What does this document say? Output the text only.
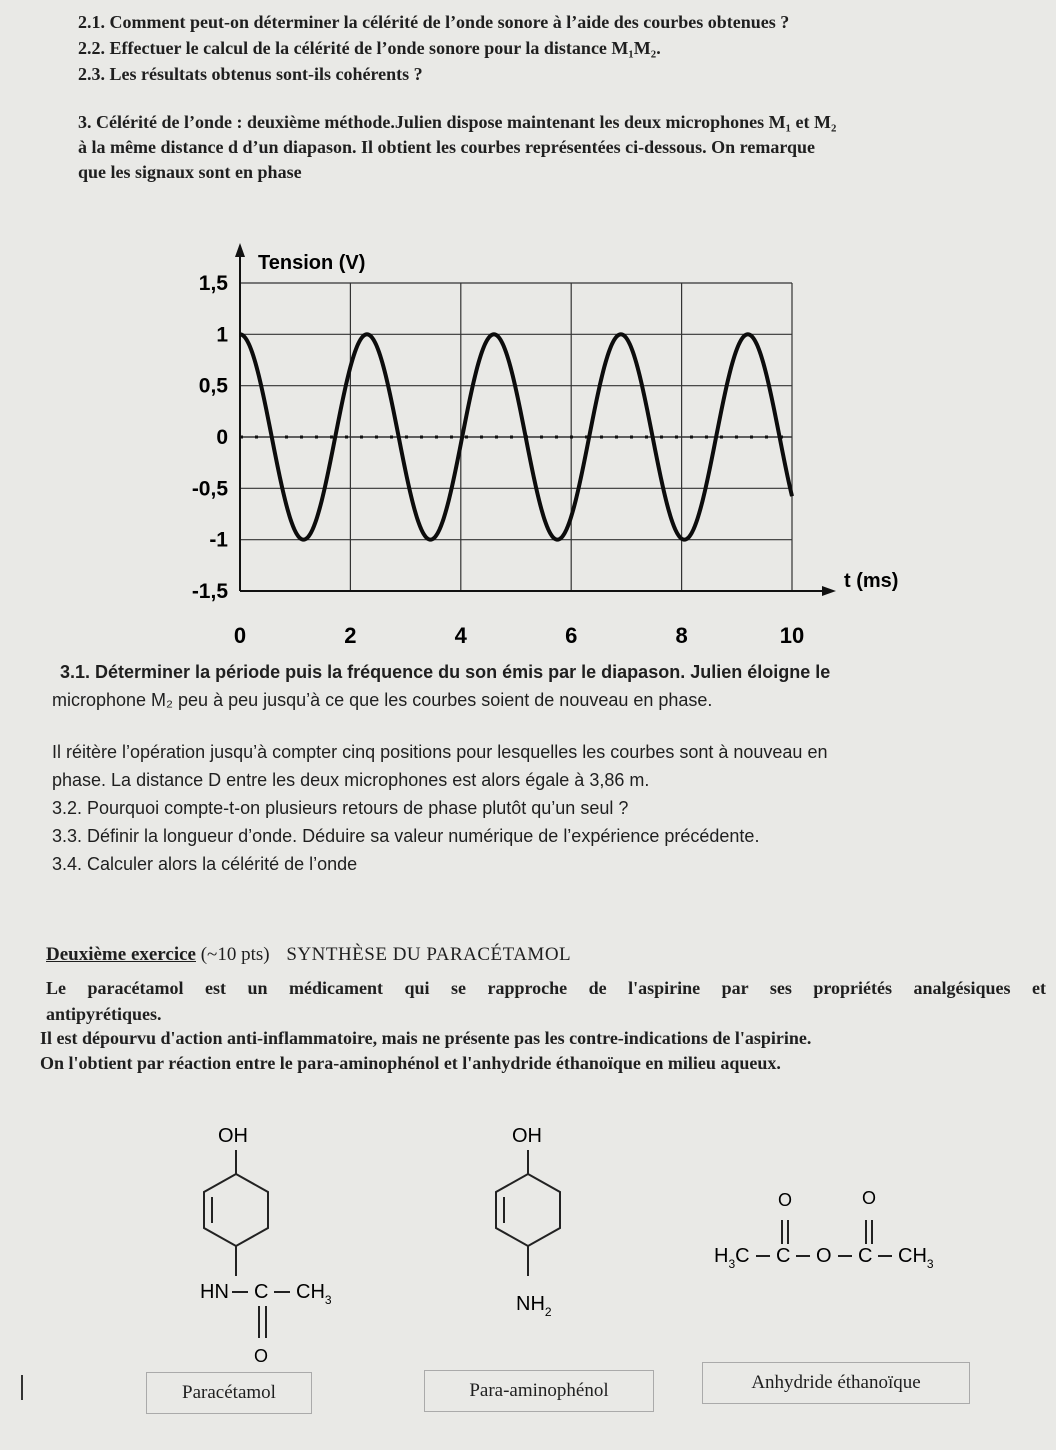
2.1. Comment peut-on déterminer la célérité de l’onde sonore à l’aide des courbes obtenues ?
2.2. Effectuer le calcul de la célérité de l’onde sonore pour la distance M₁M₂.
2.3. Les résultats obtenus sont-ils cohérents ?
3. Célérité de l’onde : deuxième méthode.Julien dispose maintenant les deux microphones M₁ et M₂
à la même distance d d’un diapason. Il obtient les courbes représentées ci-dessous. On remarque
que les signaux sont en phase
1,5
1
0,5
0
-0,5
-1
-1,5
0	2	4	6	8	10
Tension (V)
t (ms)
3.1. Déterminer la période puis la fréquence du son émis par le diapason. Julien éloigne le
microphone M₂ peu à peu jusqu’à ce que les courbes soient de nouveau en phase.
Il réitère l’opération jusqu’à compter cinq positions pour lesquelles les courbes sont à nouveau en
phase. La distance D entre les deux microphones est alors égale à 3,86 m.
3.2. Pourquoi compte-t-on plusieurs retours de phase plutôt qu’un seul ?
3.3. Définir la longueur d’onde. Déduire sa valeur numérique de l’expérience précédente.
3.4. Calculer alors la célérité de l’onde
Deuxième exercice (~10 pts) SYNTHÈSE DU PARACÉTAMOL
Le paracétamol est un médicament qui se rapproche de l'aspirine par ses propriétés analgésiques et
antipyrétiques.
Il est dépourvu d'action anti-inflammatoire, mais ne présente pas les contre-indications de l'aspirine.
On l'obtient par réaction entre le para-aminophénol et l'anhydride éthanoïque en milieu aqueux.
OH
HN C $CH_3$
O
OH
$NH_2$
O	O
$H_3C$ C O C $CH_3$
Paracétamol	Para-aminophénol	Anhydride éthanoïque
